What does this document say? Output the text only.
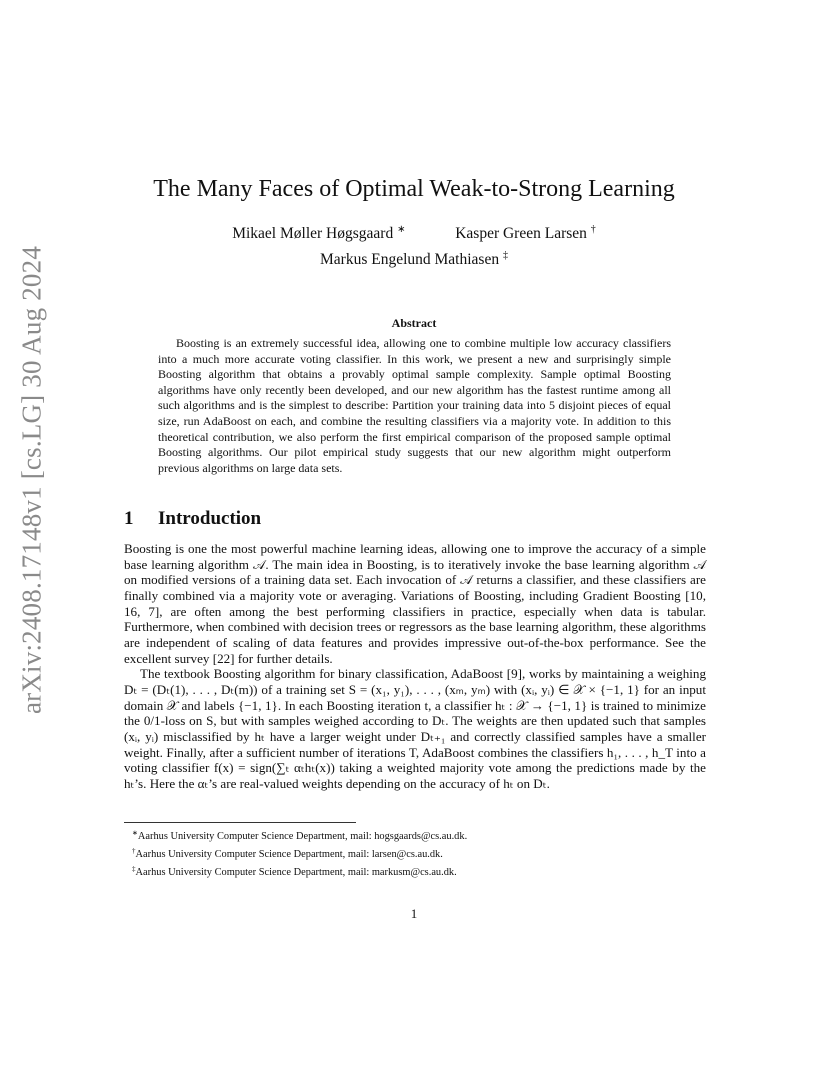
arXiv:2408.17148v1 [cs.LG] 30 Aug 2024
The Many Faces of Optimal Weak-to-Strong Learning
Mikael Møller Høgsgaard ∗	Kasper Green Larsen †
Markus Engelund Mathiasen ‡
Abstract

Boosting is an extremely successful idea, allowing one to combine multiple low accuracy classifiers into a much more accurate voting classifier. In this work, we present a new and surprisingly simple Boosting algorithm that obtains a provably optimal sample complexity. Sample optimal Boosting algorithms have only recently been developed, and our new algorithm has the fastest runtime among all such algorithms and is the simplest to describe: Partition your training data into 5 disjoint pieces of equal size, run AdaBoost on each, and combine the resulting classifiers via a majority vote. In addition to this theoretical contribution, we also perform the first empirical comparison of the proposed sample optimal Boosting algorithms. Our pilot empirical study suggests that our new algorithm might outperform previous algorithms on large data sets.

1 Introduction

Boosting is one the most powerful machine learning ideas, allowing one to improve the accuracy of a simple base learning algorithm 𝒜. The main idea in Boosting, is to iteratively invoke the base learning algorithm 𝒜 on modified versions of a training data set. Each invocation of 𝒜 returns a classifier, and these classifiers are finally combined via a majority vote or averaging. Variations of Boosting, including Gradient Boosting [10, 16, 7], are often among the best performing classifiers in practice, especially when data is tabular. Furthermore, when combined with decision trees or regressors as the base learning algorithm, these algorithms are independent of scaling of data features and provides impressive out-of-the-box performance. See the excellent survey [22] for further details.

The textbook Boosting algorithm for binary classification, AdaBoost [9], works by maintaining a weighing Dₜ = (Dₜ(1), . . . , Dₜ(m)) of a training set S = (x₁, y₁), . . . , (xₘ, yₘ) with (xᵢ, yᵢ) ∈ 𝒳 × {−1, 1} for an input domain 𝒳 and labels {−1, 1}. In each Boosting iteration t, a classifier hₜ : 𝒳 → {−1, 1} is trained to minimize the 0/1-loss on S, but with samples weighed according to Dₜ. The weights are then updated such that samples (xᵢ, yᵢ) misclassified by hₜ have a larger weight under Dₜ₊₁ and correctly classified samples have a smaller weight. Finally, after a sufficient number of iterations T, AdaBoost combines the classifiers h₁, . . . , h_T into a voting classifier f(x) = sign(∑ₜ αₜhₜ(x)) taking a weighted majority vote among the predictions made by the hₜ’s. Here the αₜ’s are real-valued weights depending on the accuracy of hₜ on Dₜ.

∗Aarhus University Computer Science Department, mail: hogsgaards@cs.au.dk.
†Aarhus University Computer Science Department, mail: larsen@cs.au.dk.
‡Aarhus University Computer Science Department, mail: markusm@cs.au.dk.
1
